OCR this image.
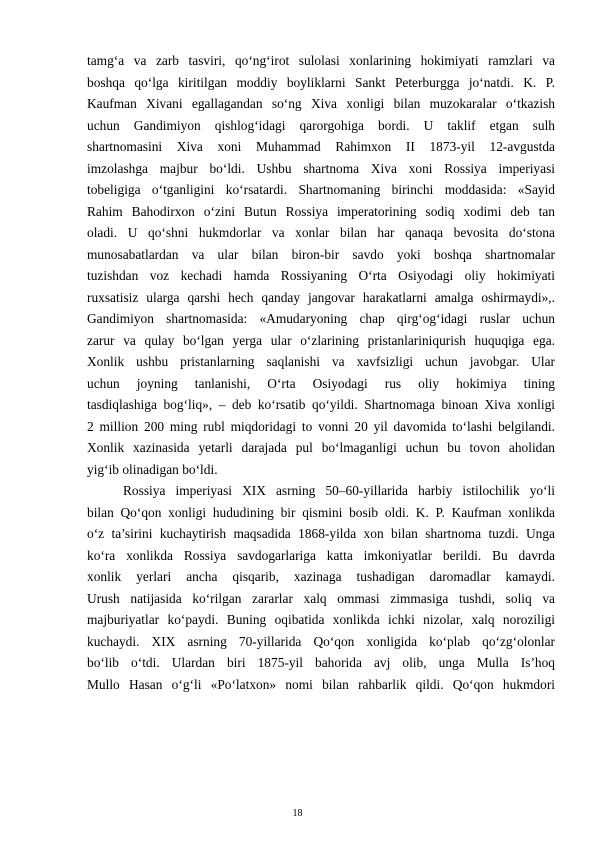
tamg‘a va zarb tasviri, qo‘ng‘irot sulolasi xonlarining hokimiyati ramzlari va
boshqa qo‘lga kiritilgan moddiy boyliklarni Sankt Peterburgga jo‘natdi. K. P.
Kaufman Xivani egallagandan so‘ng Xiva xonligi bilan muzokaralar o‘tkazish
uchun Gandimiyon qishlog‘idagi qarorgohiga bordi. U taklif etgan sulh
shartnomasini Xiva xoni Muhammad Rahimxon II 1873-yil 12-avgustda
imzolashga majbur bo‘ldi. Ushbu shartnoma Xiva xoni Rossiya imperiyasi
tobeligiga o‘tganligini ko‘rsatardi. Shartnomaning birinchi moddasida: «Sayid
Rahim Bahodirxon o‘zini Butun Rossiya imperatorining sodiq xodimi deb tan
oladi. U qo‘shni hukmdorlar va xonlar bilan har qanaqa bevosita do‘stona
munosabatlardan va ular bilan biron-bir savdo yoki boshqa shartnomalar
tuzishdan voz kechadi hamda Rossiyaning O‘rta Osiyodagi oliy hokimiyati
ruxsatisiz ularga qarshi hech qanday jangovar harakatlarni amalga oshirmaydi»,.
Gandimiyon shartnomasida: «Amudaryoning chap qirg‘og‘idagi ruslar uchun
zarur va qulay bo‘lgan yerga ular o‘zlarining pristanlariniqurish huquqiga ega.
Xonlik ushbu pristanlarning saqlanishi va xavfsizligi uchun javobgar. Ular
uchun joyning tanlanishi, O‘rta Osiyodagi rus oliy hokimiya tining
tasdiqlashiga bog‘liq», – deb ko‘rsatib qo‘yildi. Shartnomaga binoan Xiva xonligi
2 million 200 ming rubl miqdoridagi to vonni 20 yil davomida to‘lashi belgilandi.
Xonlik xazinasida yetarli darajada pul bo‘lmaganligi uchun bu tovon aholidan
yig‘ib olinadigan bo‘ldi.
Rossiya imperiyasi XIX asrning 50–60-yillarida harbiy istilochilik yo‘li
bilan Qo‘qon xonligi hududining bir qismini bosib oldi. K. P. Kaufman xonlikda
o‘z ta’sirini kuchaytirish maqsadida 1868-yilda xon bilan shartnoma tuzdi. Unga
ko‘ra xonlikda Rossiya savdogarlariga katta imkoniyatlar berildi. Bu davrda
xonlik yerlari ancha qisqarib, xazinaga tushadigan daromadlar kamaydi.
Urush natijasida ko‘rilgan zararlar xalq ommasi zimmasiga tushdi, soliq va
majburiyatlar ko‘paydi. Buning oqibatida xonlikda ichki nizolar, xalq noroziligi
kuchaydi. XIX asrning 70-yillarida Qo‘qon xonligida ko‘plab qo‘zg‘olonlar
bo‘lib o‘tdi. Ulardan biri 1875-yil bahorida avj olib, unga Mulla Is’hoq
Mullo Hasan o‘g‘li «Po‘latxon» nomi bilan rahbarlik qildi. Qo‘qon hukmdori
18
